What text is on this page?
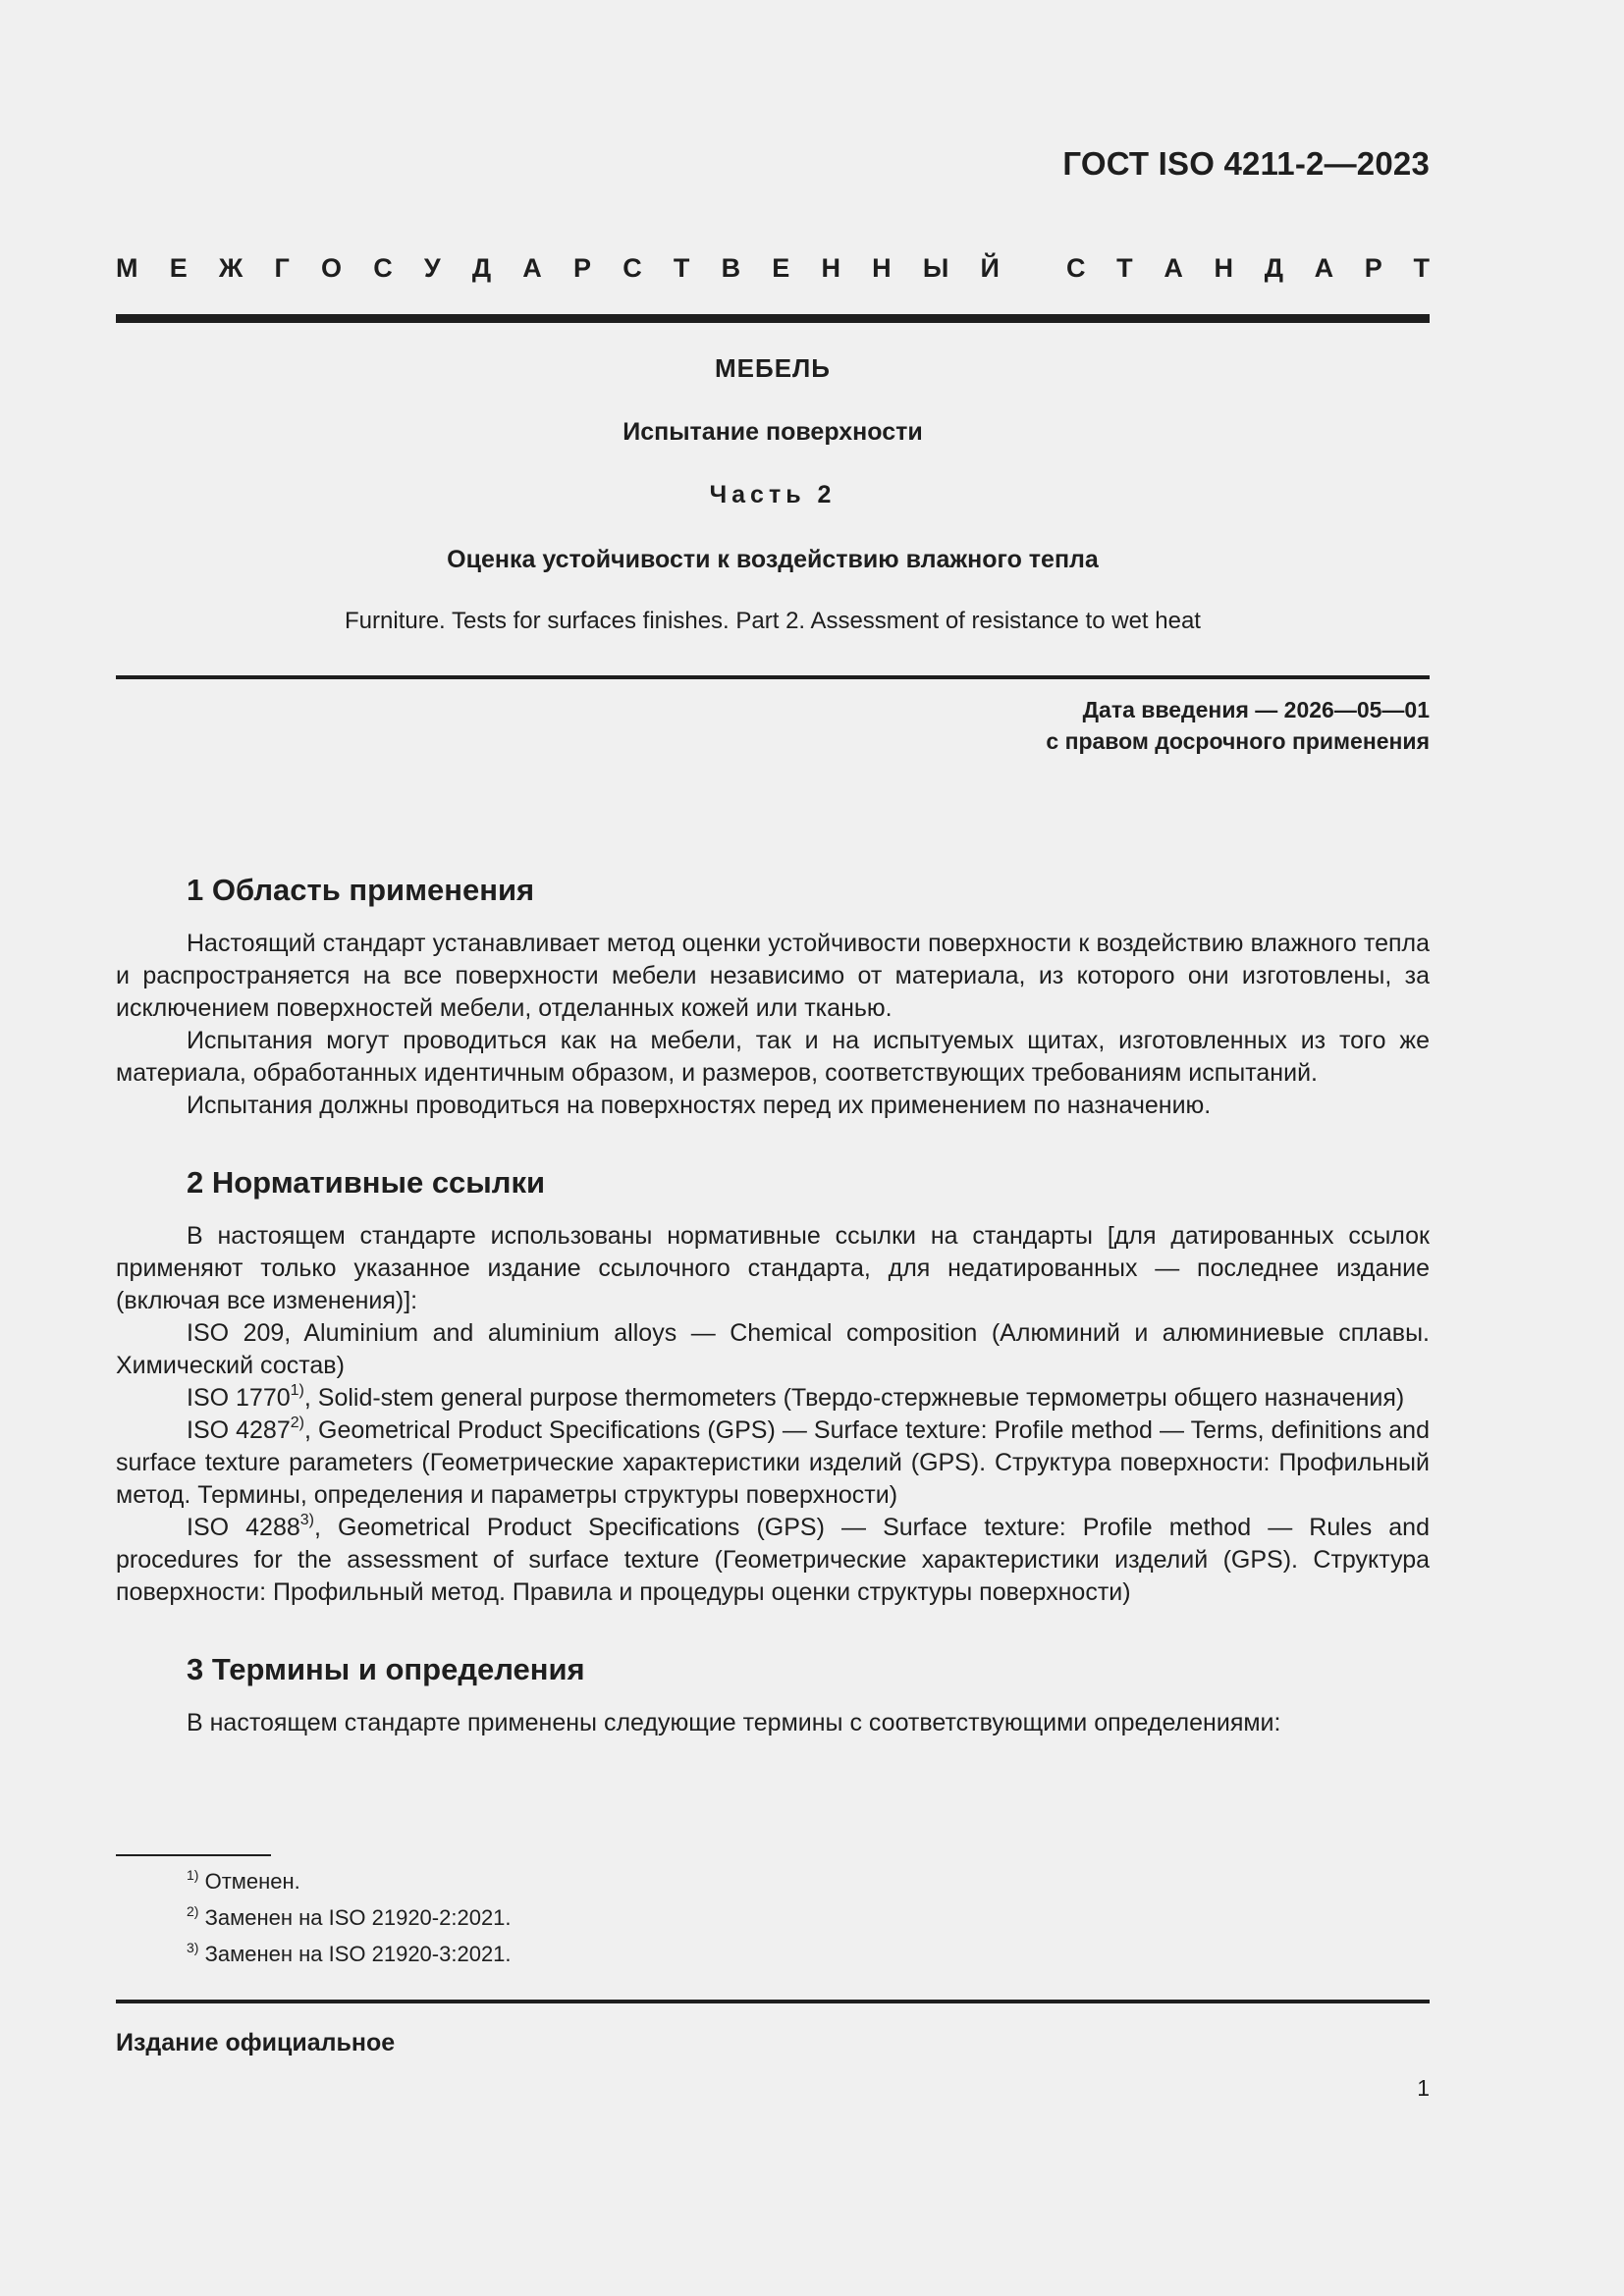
ГОСТ ISO 4211-2—2023
М Е Ж Г О С У Д А Р С Т В Е Н Н Ы Й	С Т А Н Д А Р Т
МЕБЕЛЬ
Испытание поверхности
Часть 2
Оценка устойчивости к воздействию влажного тепла
Furniture. Tests for surfaces finishes. Part 2. Assessment of resistance to wet heat
Дата введения — 2026—05—01
с правом досрочного применения
1 Область применения

Настоящий стандарт устанавливает метод оценки устойчивости поверхности к воздействию влажного тепла и распространяется на все поверхности мебели независимо от материала, из которого они изготовлены, за исключением поверхностей мебели, отделанных кожей или тканью.

Испытания могут проводиться как на мебели, так и на испытуемых щитах, изготовленных из того же материала, обработанных идентичным образом, и размеров, соответствующих требованиям испытаний.

Испытания должны проводиться на поверхностях перед их применением по назначению.

2 Нормативные ссылки

В настоящем стандарте использованы нормативные ссылки на стандарты [для датированных ссылок применяют только указанное издание ссылочного стандарта, для недатированных — последнее издание (включая все изменения)]:

ISO 209, Aluminium and aluminium alloys — Chemical composition (Алюминий и алюминиевые сплавы. Химический состав)

ISO 1770$^{1)}$, Solid-stem general purpose thermometers (Твердо-стержневые термометры общего назначения)

ISO 4287$^{2)}$, Geometrical Product Specifications (GPS) — Surface texture: Profile method — Terms, definitions and surface texture parameters (Геометрические характеристики изделий (GPS). Структура поверхности: Профильный метод. Термины, определения и параметры структуры поверхности)

ISO 4288$^{3)}$, Geometrical Product Specifications (GPS) — Surface texture: Profile method — Rules and procedures for the assessment of surface texture (Геометрические характеристики изделий (GPS). Структура поверхности: Профильный метод. Правила и процедуры оценки структуры поверхности)

3 Термины и определения

В настоящем стандарте применены следующие термины с соответствующими определениями:

$^{1)}$ Отменен.
$^{2)}$ Заменен на ISO 21920-2:2021.
$^{3)}$ Заменен на ISO 21920-3:2021.
Издание официальное
1
